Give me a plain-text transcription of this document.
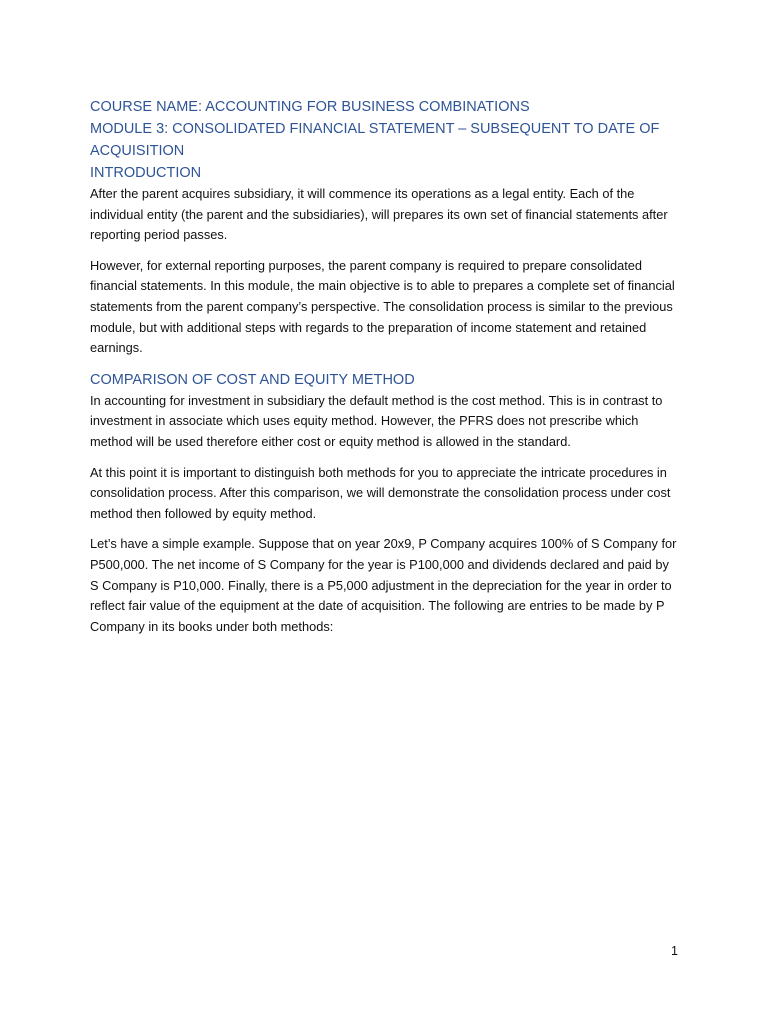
COURSE NAME: ACCOUNTING FOR BUSINESS COMBINATIONS
MODULE 3: CONSOLIDATED FINANCIAL STATEMENT – SUBSEQUENT TO DATE OF ACQUISITION
INTRODUCTION

After the parent acquires subsidiary, it will commence its operations as a legal entity. Each of the individual entity (the parent and the subsidiaries), will prepares its own set of financial statements after reporting period passes.

However, for external reporting purposes, the parent company is required to prepare consolidated financial statements. In this module, the main objective is to able to prepares a complete set of financial statements from the parent company’s perspective. The consolidation process is similar to the previous module, but with additional steps with regards to the preparation of income statement and retained earnings.

COMPARISON OF COST AND EQUITY METHOD

In accounting for investment in subsidiary the default method is the cost method. This is in contrast to investment in associate which uses equity method. However, the PFRS does not prescribe which method will be used therefore either cost or equity method is allowed in the standard.

At this point it is important to distinguish both methods for you to appreciate the intricate procedures in consolidation process. After this comparison, we will demonstrate the consolidation process under cost method then followed by equity method.

Let’s have a simple example. Suppose that on year 20x9, P Company acquires 100% of S Company for P500,000. The net income of S Company for the year is P100,000 and dividends declared and paid by S Company is P10,000. Finally, there is a P5,000 adjustment in the depreciation for the year in order to reflect fair value of the equipment at the date of acquisition. The following are entries to be made by P Company in its books under both methods:

1
